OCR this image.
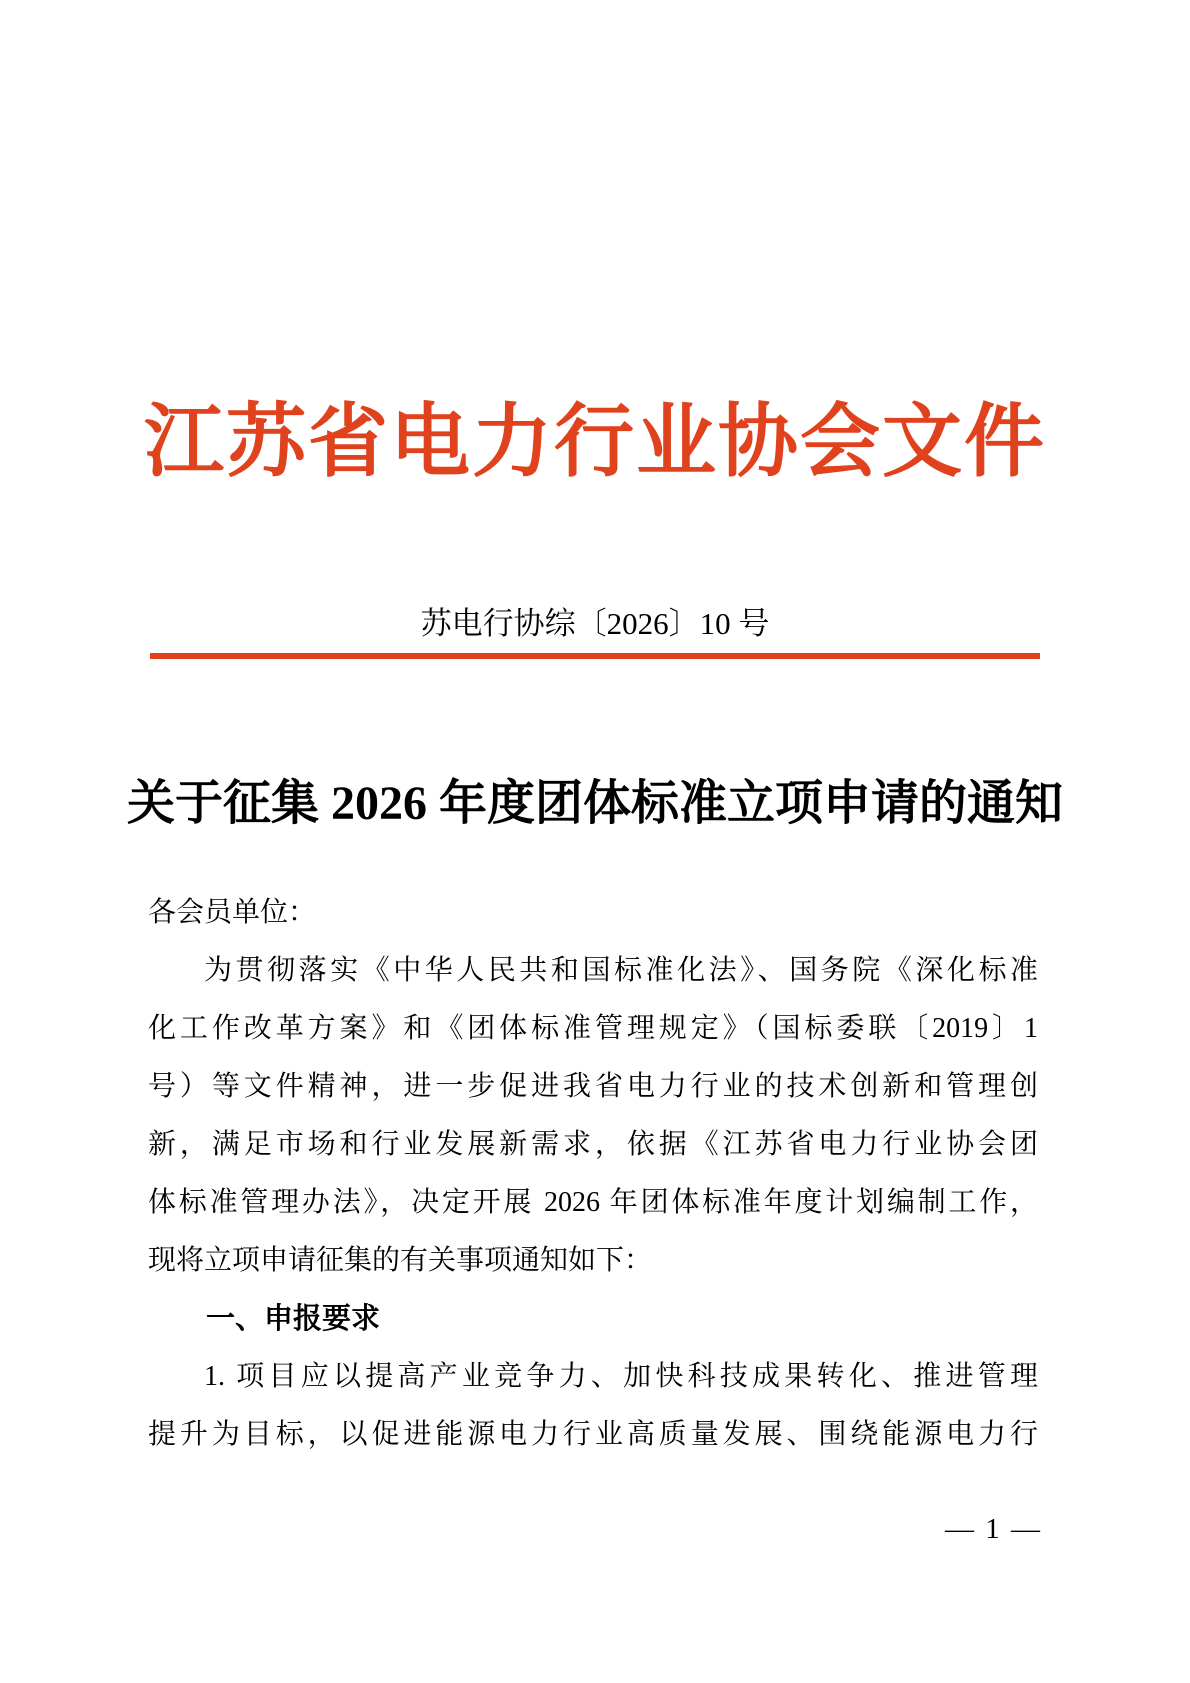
江苏省电力行业协会文件
苏电行协综〔2026〕10 号
关于征集 2026 年度团体标准立项申请的通知
各会员单位：
为贯彻落实《中华人民共和国标准化法》、国务院《深化标准
化工作改革方案》和《团体标准管理规定》（国标委联〔2019〕1
号）等文件精神，进一步促进我省电力行业的技术创新和管理创
新，满足市场和行业发展新需求，依据《江苏省电力行业协会团
体标准管理办法》，决定开展 2026 年团体标准年度计划编制工作，
现将立项申请征集的有关事项通知如下：
一、申报要求
1. 项目应以提高产业竞争力、加快科技成果转化、推进管理
提升为目标，以促进能源电力行业高质量发展、围绕能源电力行
— 1 —
